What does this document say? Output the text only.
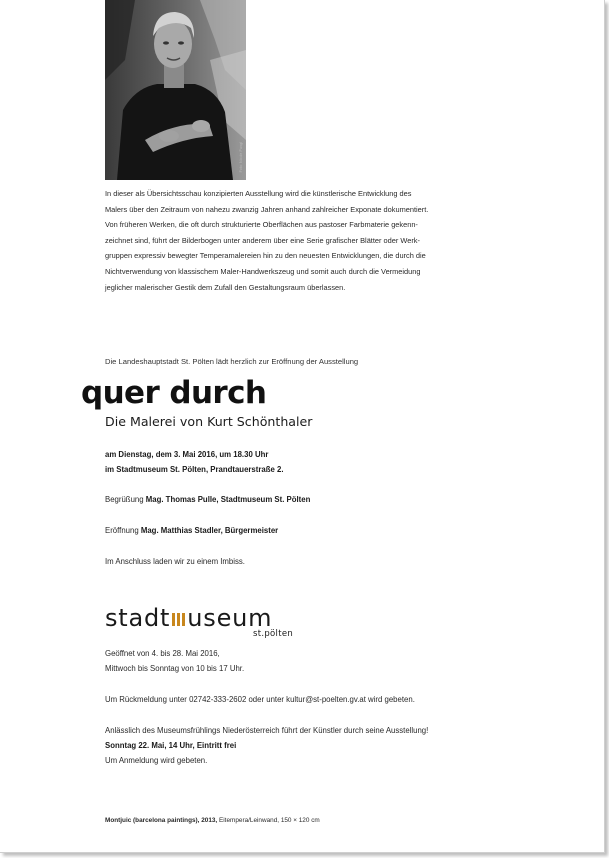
Foto: Nicole Pangl

In dieser als Übersichtsschau konzipierten Ausstellung wird die künstlerische Entwicklung des

Malers über den Zeitraum von nahezu zwanzig Jahren anhand zahlreicher Exponate dokumentiert.

Von früheren Werken, die oft durch strukturierte Oberflächen aus pastoser Farbmaterie gekenn-

zeichnet sind, führt der Bilderbogen unter anderem über eine Serie grafischer Blätter oder Werk-

gruppen expressiv bewegter Temperamalereien hin zu den neuesten Entwicklungen, die durch die

Nichtverwendung von klassischem Maler-Handwerkszeug und somit auch durch die Vermeidung

jeglicher malerischer Gestik dem Zufall den Gestaltungsraum überlassen.

Die Landeshauptstadt St. Pölten lädt herzlich zur Eröffnung der Ausstellung
quer durch
Die Malerei von Kurt Schönthaler
am Dienstag, dem 3. Mai 2016, um 18.30 Uhr
im Stadtmuseum St. Pölten, Prandtauerstraße 2.
Begrüßung Mag. Thomas Pulle, Stadtmuseum St. Pölten
Eröffnung Mag. Matthias Stadler, Bürgermeister
Im Anschluss laden wir zu einem Imbiss.
stadt useum
st.pölten
Geöffnet von 4. bis 28. Mai 2016,
Mittwoch bis Sonntag von 10 bis 17 Uhr.
Um Rückmeldung unter 02742-333-2602 oder unter kultur@st-poelten.gv.at wird gebeten.
Anlässlich des Museumsfrühlings Niederösterreich führt der Künstler durch seine Ausstellung!
Sonntag 22. Mai, 14 Uhr, Eintritt frei
Um Anmeldung wird gebeten.
Montjuic (barcelona paintings), 2013, Eitempera/Leinwand, 150 × 120 cm
